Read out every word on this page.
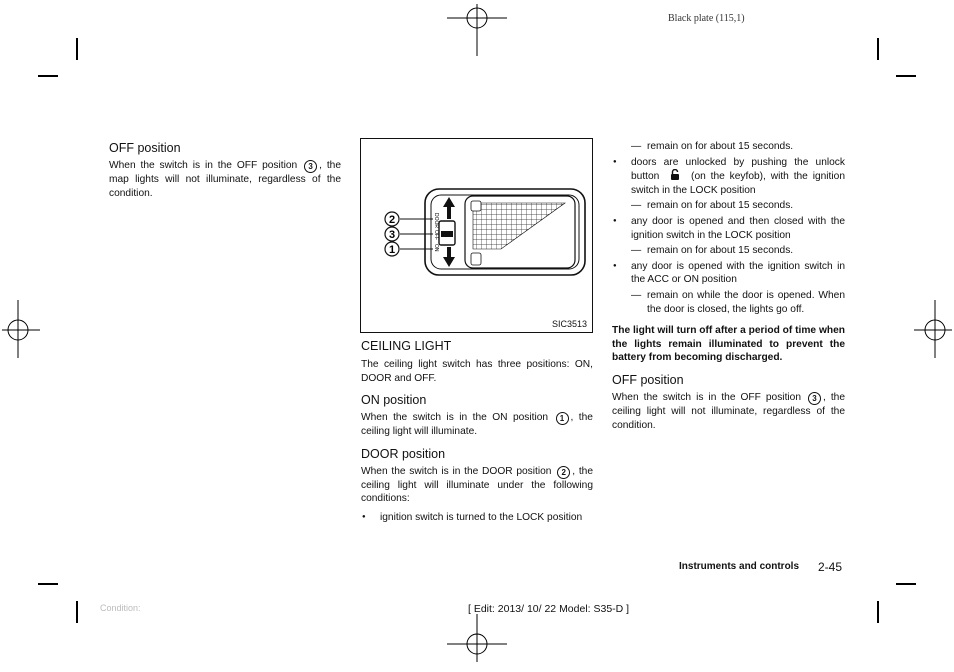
Black plate (115,1)

OFF position

When the switch is in the OFF position 3 , the map lights will not illuminate, regardless of the condition.

2
3
1
DOOR
OFF
ON
SIC3513

CEILING LIGHT

The ceiling light switch has three positions: ON, DOOR and OFF.

ON position

When the switch is in the ON position 1 , the ceiling light will illuminate.

DOOR position

When the switch is in the DOOR position 2 , the ceiling light will illuminate under the following conditions:

● ignition switch is turned to the LOCK position

— remain on for about 15 seconds.

● doors are unlocked by pushing the unlock button	(on the keyfob), with the ignition switch in the LOCK position

— remain on for about 15 seconds.

● any door is opened and then closed with the ignition switch in the LOCK position

— remain on for about 15 seconds.

● any door is opened with the ignition switch in the ACC or ON position

— remain on while the door is opened. When the door is closed, the lights go off.

The light will turn off after a period of time when the lights remain illuminated to prevent the battery from becoming discharged.

OFF position

When the switch is in the OFF position 3 , the ceiling light will not illuminate, regardless of the condition.

Instruments and controls 2-45
Condition:	[ Edit: 2013/ 10/ 22 Model: S35-D ]
